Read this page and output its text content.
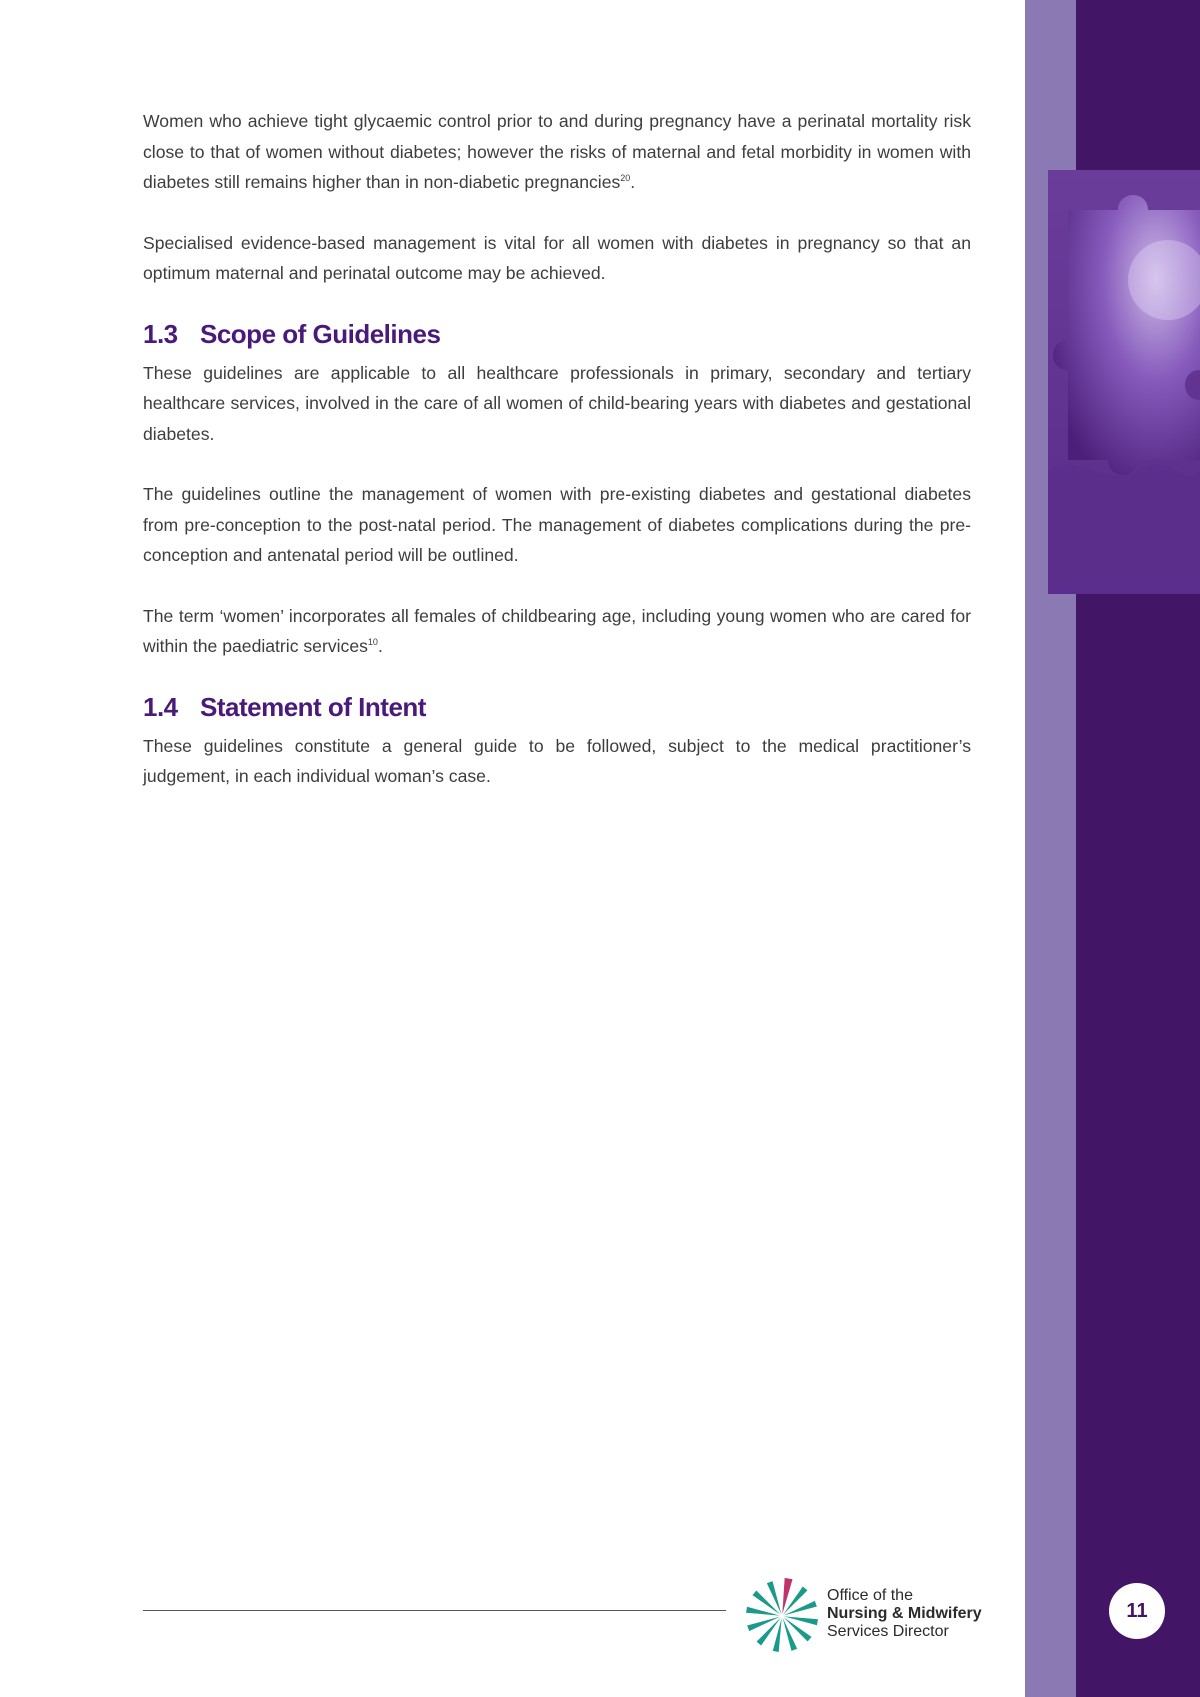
Women who achieve tight glycaemic control prior to and during pregnancy have a perinatal mortality risk close to that of women without diabetes; however the risks of maternal and fetal morbidity in women with diabetes still remains higher than in non-diabetic pregnancies$^{20}$.

Specialised evidence-based management is vital for all women with diabetes in pregnancy so that an optimum maternal and perinatal outcome may be achieved.

1.3 Scope of Guidelines

These guidelines are applicable to all healthcare professionals in primary, secondary and tertiary healthcare services, involved in the care of all women of child-bearing years with diabetes and gestational diabetes.

The guidelines outline the management of women with pre-existing diabetes and gestational diabetes from pre-conception to the post-natal period. The management of diabetes complications during the pre-conception and antenatal period will be outlined.

The term ‘women’ incorporates all females of childbearing age, including young women who are cared for within the paediatric services$^{10}$.

1.4 Statement of Intent

These guidelines constitute a general guide to be followed, subject to the medical practitioner’s judgement, in each individual woman’s case.

Office of the
Nursing & Midwifery
Services Director
11
